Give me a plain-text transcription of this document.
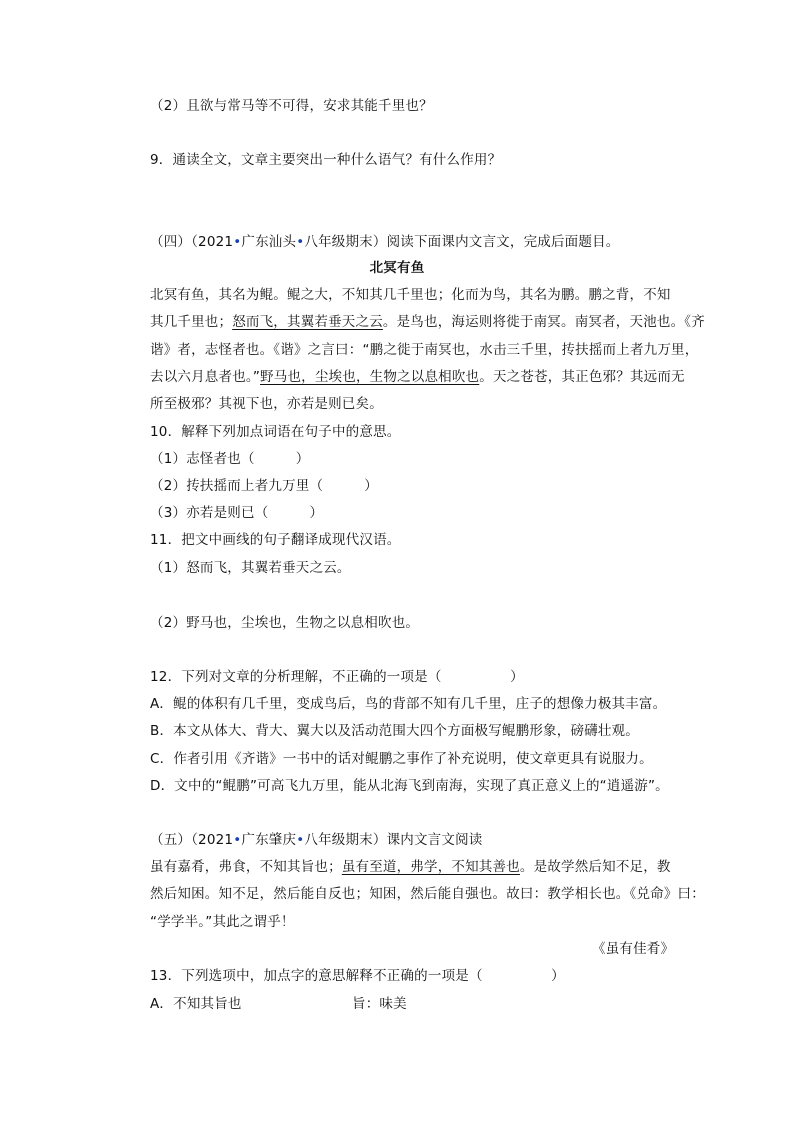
（2）且欲与常马等不可得，安求其能千里也？
9．通读全文，文章主要突出一种什么语气？有什么作用？
（四）（2021•广东汕头•八年级期末）阅读下面课内文言文，完成后面题目。
北冥有鱼
北冥有鱼，其名为鲲。鲲之大，不知其几千里也；化而为鸟，其名为鹏。鹏之背，不知
其几千里也；怒而飞，其翼若垂天之云。是鸟也，海运则将徙于南冥。南冥者，天池也。《齐
谐》者，志怪者也。《谐》之言曰：“鹏之徙于南冥也，水击三千里，抟扶摇而上者九万里，
去以六月息者也。”野马也，尘埃也，生物之以息相吹也。天之苍苍，其正色邪？其远而无
所至极邪？其视下也，亦若是则已矣。
10．解释下列加点词语在句子中的意思。
（1）志怪者也（　　　）
（2）抟扶摇而上者九万里（　　　）
（3）亦若是则已（　　　）
11．把文中画线的句子翻译成现代汉语。
（1）怒而飞，其翼若垂天之云。
（2）野马也，尘埃也，生物之以息相吹也。
12．下列对文章的分析理解，不正确的一项是（　　　　　）
A．鲲的体积有几千里，变成鸟后，鸟的背部不知有几千里，庄子的想像力极其丰富。
B．本文从体大、背大、翼大以及活动范围大四个方面极写鲲鹏形象，磅礴壮观。
C．作者引用《齐谐》一书中的话对鲲鹏之事作了补充说明，使文章更具有说服力。
D．文中的“鲲鹏”可高飞九万里，能从北海飞到南海，实现了真正意义上的“逍遥游”。
（五）（2021•广东肇庆•八年级期末）课内文言文阅读
虽有嘉肴，弗食，不知其旨也；虽有至道，弗学，不知其善也。是故学然后知不足，教
然后知困。知不足，然后能自反也；知困，然后能自强也。故曰：教学相长也。《兑命》曰：
“学学半。”其此之谓乎！
《虽有佳肴》
13．下列选项中，加点字的意思解释不正确的一项是（　　　　　）
A．不知其旨也	旨：味美
